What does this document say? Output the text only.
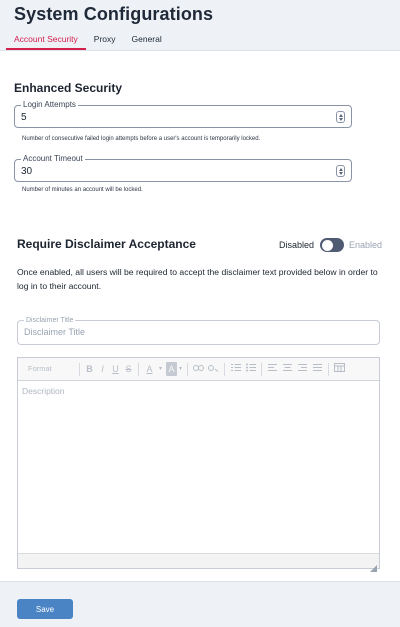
System Configurations
Account Security	Proxy	General
Enhanced Security
Login Attempts
5
Number of consecutive failed login attempts before a user's account is temporarily locked.
Account Timeout
30
Number of minutes an account will be locked.
Require Disclaimer Acceptance	Disabled	Enabled
Once enabled, all users will be required to accept the disclaimer text provided below in order to log in to their account.
Disclaimer Title
Disclaimer Title
Format	B I U S	A	▾ A ▾
Description
Save
